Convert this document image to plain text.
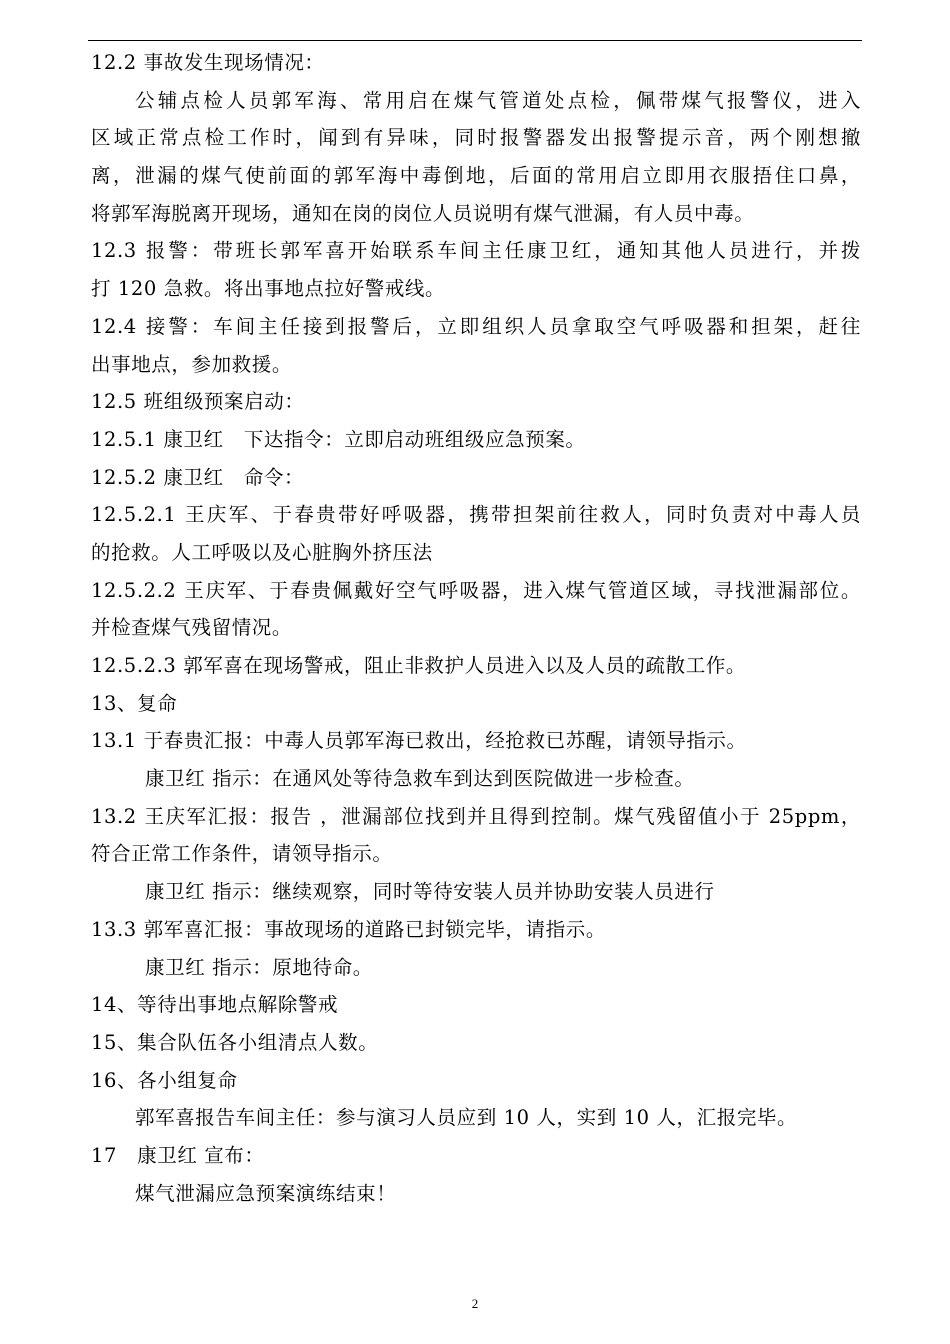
12.2 事故发生现场情况：
公辅点检人员郭军海、常用启在煤气管道处点检，佩带煤气报警仪，进入
区域正常点检工作时，闻到有异味，同时报警器发出报警提示音，两个刚想撤
离，泄漏的煤气使前面的郭军海中毒倒地，后面的常用启立即用衣服捂住口鼻，
将郭军海脱离开现场，通知在岗的岗位人员说明有煤气泄漏，有人员中毒。
12.3 报警：带班长郭军喜开始联系车间主任康卫红，通知其他人员进行，并拨
打 120 急救。将出事地点拉好警戒线。
12.4 接警：车间主任接到报警后，立即组织人员拿取空气呼吸器和担架，赶往
出事地点，参加救援。
12.5 班组级预案启动：
12.5.1 康卫红　下达指令：立即启动班组级应急预案。
12.5.2 康卫红　命令：
12.5.2.1 王庆军、于春贵带好呼吸器，携带担架前往救人，同时负责对中毒人员
的抢救。人工呼吸以及心脏胸外挤压法
12.5.2.2 王庆军、于春贵佩戴好空气呼吸器，进入煤气管道区域，寻找泄漏部位。
并检查煤气残留情况。
12.5.2.3 郭军喜在现场警戒，阻止非救护人员进入以及人员的疏散工作。
13、复命
13.1 于春贵汇报：中毒人员郭军海已救出，经抢救已苏醒，请领导指示。
康卫红 指示：在通风处等待急救车到达到医院做进一步检查。
13.2 王庆军汇报：报告 ，泄漏部位找到并且得到控制。煤气残留值小于 25ppm，
符合正常工作条件，请领导指示。
康卫红 指示：继续观察，同时等待安装人员并协助安装人员进行
13.3 郭军喜汇报：事故现场的道路已封锁完毕，请指示。
康卫红 指示：原地待命。
14、等待出事地点解除警戒
15、集合队伍各小组清点人数。
16、各小组复命
郭军喜报告车间主任：参与演习人员应到 10 人，实到 10 人，汇报完毕。
17　康卫红 宣布：
煤气泄漏应急预案演练结束！
2
